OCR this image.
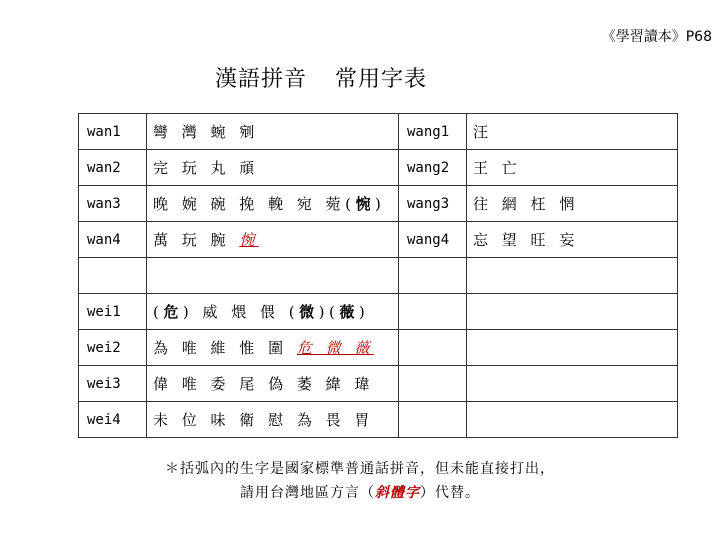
《學習讀本》P68
漢語拼音 常用字表
wan1	彎 灣 蜿 剜	wang1	汪
wan2	完 玩 丸 頑	wang2	王 亡
wan3	晚 婉 碗 挽 輓 宛 菀(惋)	wang3	往 網 枉 惘
wan4	萬 玩 腕 惋	wang4	忘 望 旺 妄

wei1	(危) 威 煨 偎 (微)(薇)		
wei2	為 唯 維 惟 圍 危 微 薇		
wei3	偉 唯 委 尾 偽 萎 緯 瑋		
wei4	未 位 味 衛 慰 為 畏 胃		
＊括弧內的生字是國家標準普通話拼音，但未能直接打出，
請用台灣地區方言（斜體字）代替。
